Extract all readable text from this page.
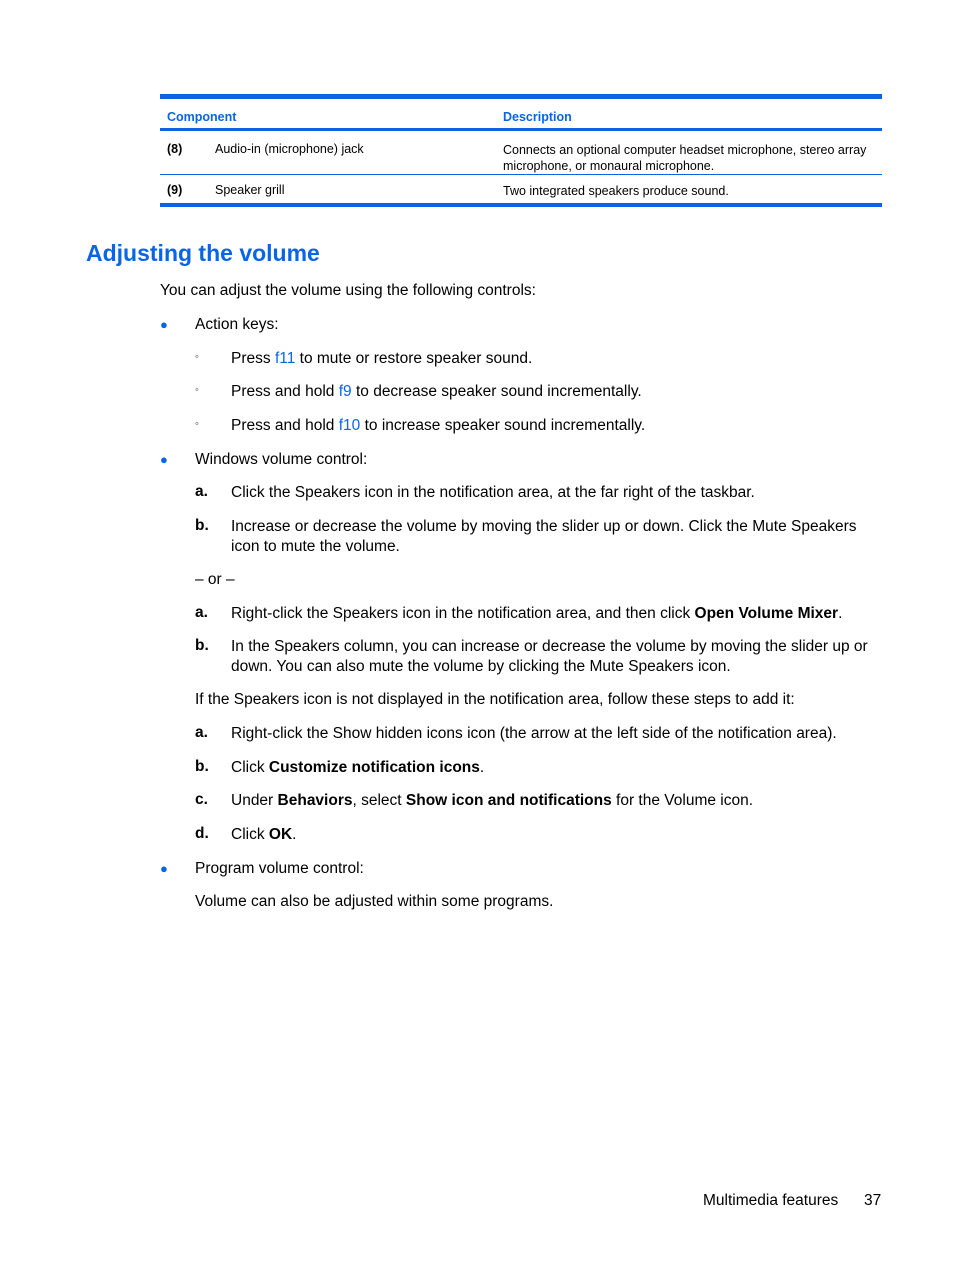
Component	Description
(8)	Audio-in (microphone) jack	Connects an optional computer headset microphone, stereo array microphone, or monaural microphone.
(9)	Speaker grill	Two integrated speakers produce sound.
Adjusting the volume
You can adjust the volume using the following controls:
● Action keys:
◦ Press f11 to mute or restore speaker sound.
◦ Press and hold f9 to decrease speaker sound incrementally.
◦ Press and hold f10 to increase speaker sound incrementally.
● Windows volume control:
a. Click the Speakers icon in the notification area, at the far right of the taskbar.
b. Increase or decrease the volume by moving the slider up or down. Click the Mute Speakers
icon to mute the volume.
– or –
a. Right-click the Speakers icon in the notification area, and then click Open Volume Mixer.
b. In the Speakers column, you can increase or decrease the volume by moving the slider up or
down. You can also mute the volume by clicking the Mute Speakers icon.
If the Speakers icon is not displayed in the notification area, follow these steps to add it:
a. Right-click the Show hidden icons icon (the arrow at the left side of the notification area).
b. Click Customize notification icons.
c. Under Behaviors, select Show icon and notifications for the Volume icon.
d. Click OK.
● Program volume control:
Volume can also be adjusted within some programs.
Multimedia features 37
